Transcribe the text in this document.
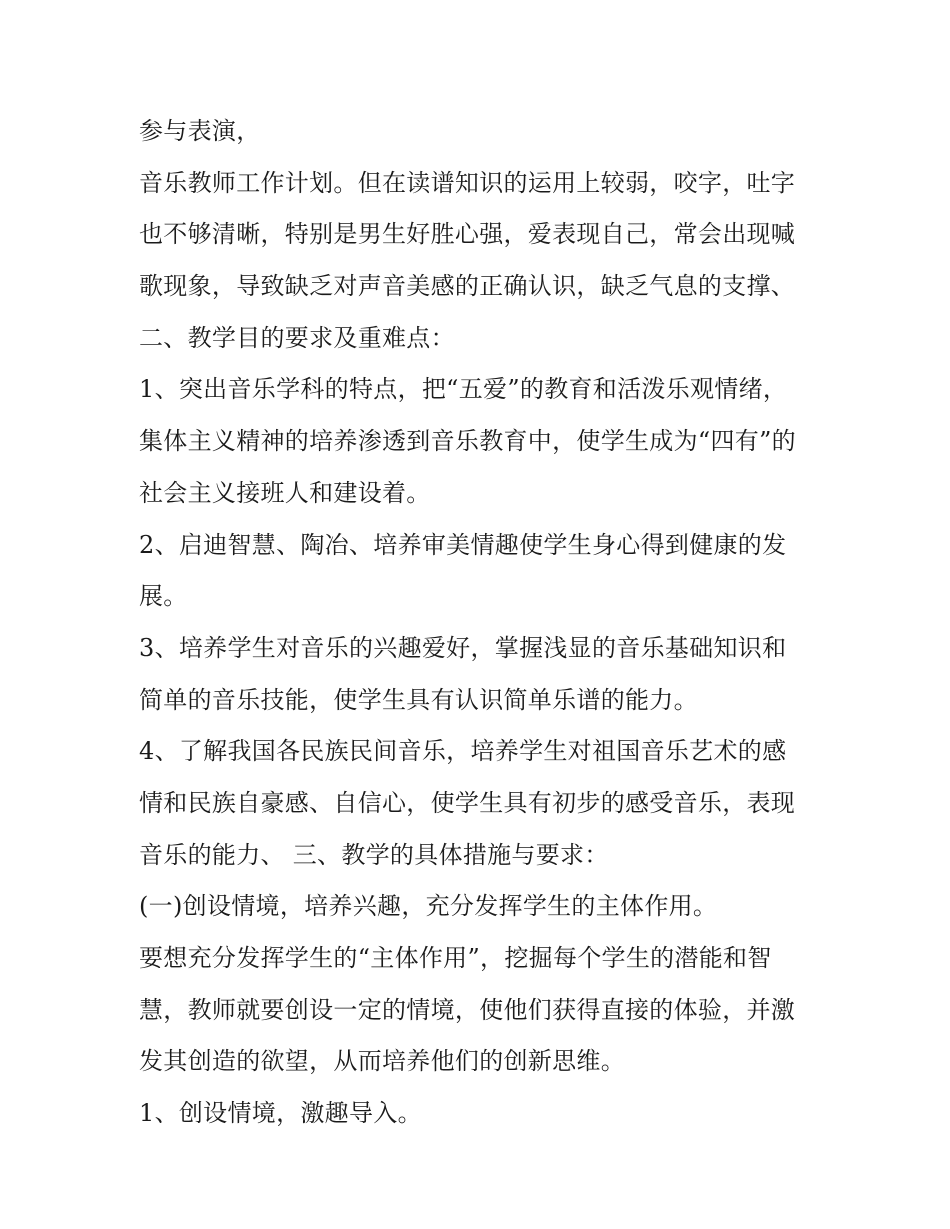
参与表演，
音乐教师工作计划。但在读谱知识的运用上较弱，咬字，吐字
也不够清晰，特别是男生好胜心强，爱表现自己，常会出现喊
歌现象，导致缺乏对声音美感的正确认识，缺乏气息的支撑、
二、教学目的要求及重难点：
1、突出音乐学科的特点，把“五爱”的教育和活泼乐观情绪，
集体主义精神的培养渗透到音乐教育中，使学生成为“四有”的
社会主义接班人和建设着。
2、启迪智慧、陶冶、培养审美情趣使学生身心得到健康的发
展。
3、培养学生对音乐的兴趣爱好，掌握浅显的音乐基础知识和
简单的音乐技能，使学生具有认识简单乐谱的能力。
4、了解我国各民族民间音乐，培养学生对祖国音乐艺术的感
情和民族自豪感、自信心，使学生具有初步的感受音乐，表现
音乐的能力、 三、教学的具体措施与要求：
(一)创设情境，培养兴趣，充分发挥学生的主体作用。
要想充分发挥学生的“主体作用”，挖掘每个学生的潜能和智
慧，教师就要创设一定的情境，使他们获得直接的体验，并激
发其创造的欲望，从而培养他们的创新思维。
1、创设情境，激趣导入。
